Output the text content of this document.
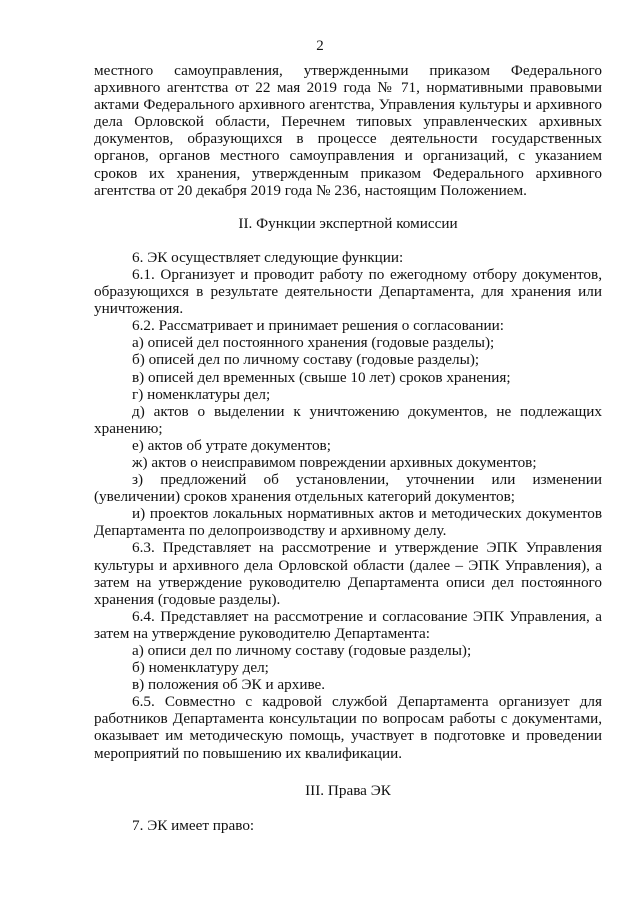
2

местного самоуправления, утвержденными приказом Федерального архивного агентства от 22 мая 2019 года № 71, нормативными правовыми актами Федерального архивного агентства, Управления культуры и архивного дела Орловской области, Перечнем типовых управленческих архивных документов, образующихся в процессе деятельности государственных органов, органов местного самоуправления и организаций, с указанием сроков их хранения, утвержденным приказом Федерального архивного агентства от 20 декабря 2019 года № 236, настоящим Положением.

II. Функции экспертной комиссии

6. ЭК осуществляет следующие функции:

6.1. Организует и проводит работу по ежегодному отбору документов, образующихся в результате деятельности Департамента, для хранения или уничтожения.

6.2. Рассматривает и принимает решения о согласовании:

а) описей дел постоянного хранения (годовые разделы);

б) описей дел по личному составу (годовые разделы);

в) описей дел временных (свыше 10 лет) сроков хранения;

г) номенклатуры дел;

д) актов о выделении к уничтожению документов, не подлежащих хранению;

е) актов об утрате документов;

ж) актов о неисправимом повреждении архивных документов;

з) предложений об установлении, уточнении или изменении (увеличении) сроков хранения отдельных категорий документов;

и) проектов локальных нормативных актов и методических документов Департамента по делопроизводству и архивному делу.

6.3. Представляет на рассмотрение и утверждение ЭПК Управления культуры и архивного дела Орловской области (далее – ЭПК Управления), а затем на утверждение руководителю Департамента описи дел постоянного хранения (годовые разделы).

6.4. Представляет на рассмотрение и согласование ЭПК Управления, а затем на утверждение руководителю Департамента:

а) описи дел по личному составу (годовые разделы);

б) номенклатуру дел;

в) положения об ЭК и архиве.

6.5. Совместно с кадровой службой Департамента организует для работников Департамента консультации по вопросам работы с документами, оказывает им методическую помощь, участвует в подготовке и проведении мероприятий по повышению их квалификации.

III. Права ЭК

7. ЭК имеет право:
